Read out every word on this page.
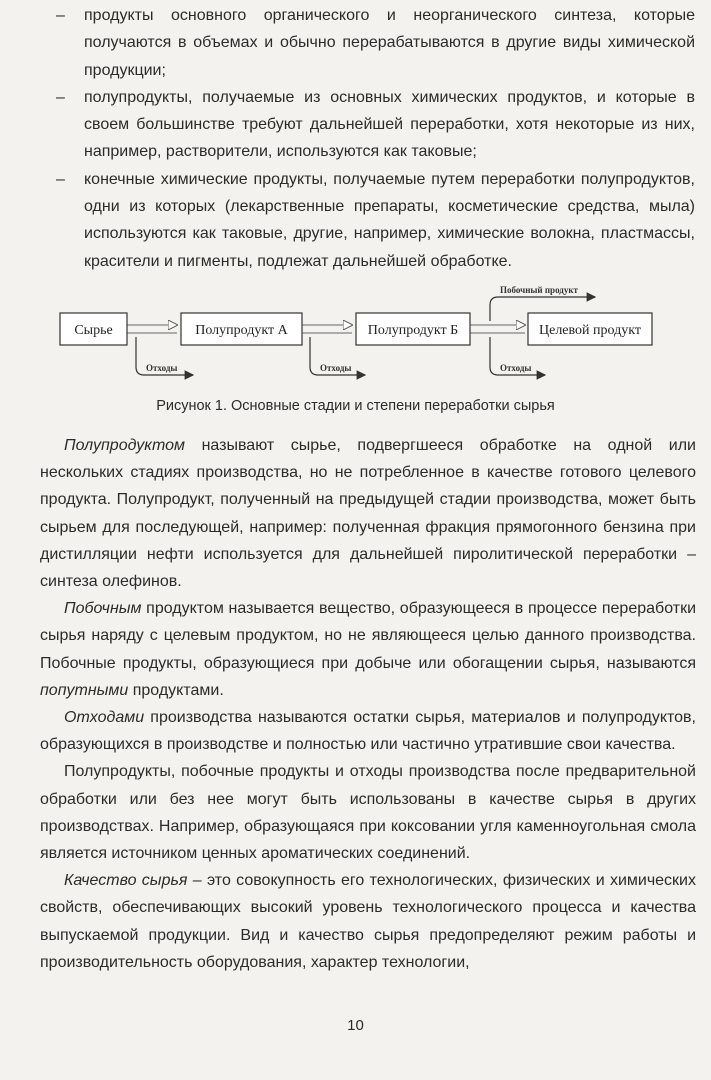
– продукты основного органического и неорганического синтеза, которые получаются в объемах и обычно перерабатываются в другие виды химической продукции;
– полупродукты, получаемые из основных химических продуктов, и которые в своем большинстве требуют дальнейшей переработки, хотя некоторые из них, например, растворители, используются как таковые;
– конечные химические продукты, получаемые путем переработки полупродуктов, одни из которых (лекарственные препараты, косметические средства, мылa) используются как таковые, другие, например, химические волокна, пластмассы, красители и пигменты, подлежат дальнейшей обработке.
Сырье	Полупродукт А	Полупродукт Б	Целевой продукт
Отходы	Отходы	Отходы
Побочный продукт
Рисунок 1. Основные стадии и степени переработки сырья

Полупродуктом называют сырье, подвергшееся обработке на одной или нескольких стадиях производства, но не потребленное в качестве готового целевого продукта. Полупродукт, полученный на предыдущей стадии производства, может быть сырьем для последующей, например: полученная фракция прямогонного бензина при дистилляции нефти используется для дальнейшей пиролитической переработки – синтеза олефинов.

Побочным продуктом называется вещество, образующееся в процессе переработки сырья наряду с целевым продуктом, но не являющееся целью данного производства. Побочные продукты, образующиеся при добыче или обогащении сырья, называются попутными продуктами.

Отходами производства называются остатки сырья, материалов и полупродуктов, образующихся в производстве и полностью или частично утратившие свои качества.

Полупродукты, побочные продукты и отходы производства после предварительной обработки или без нее могут быть использованы в качестве сырья в других производствах. Например, образующаяся при коксовании угля каменноугольная смола является источником ценных ароматических соединений.

Качество сырья – это совокупность его технологических, физических и химических свойств, обеспечивающих высокий уровень технологического процесса и качества выпускаемой продукции. Вид и качество сырья предопределяют режим работы и производительность оборудования, характер технологии,

10
